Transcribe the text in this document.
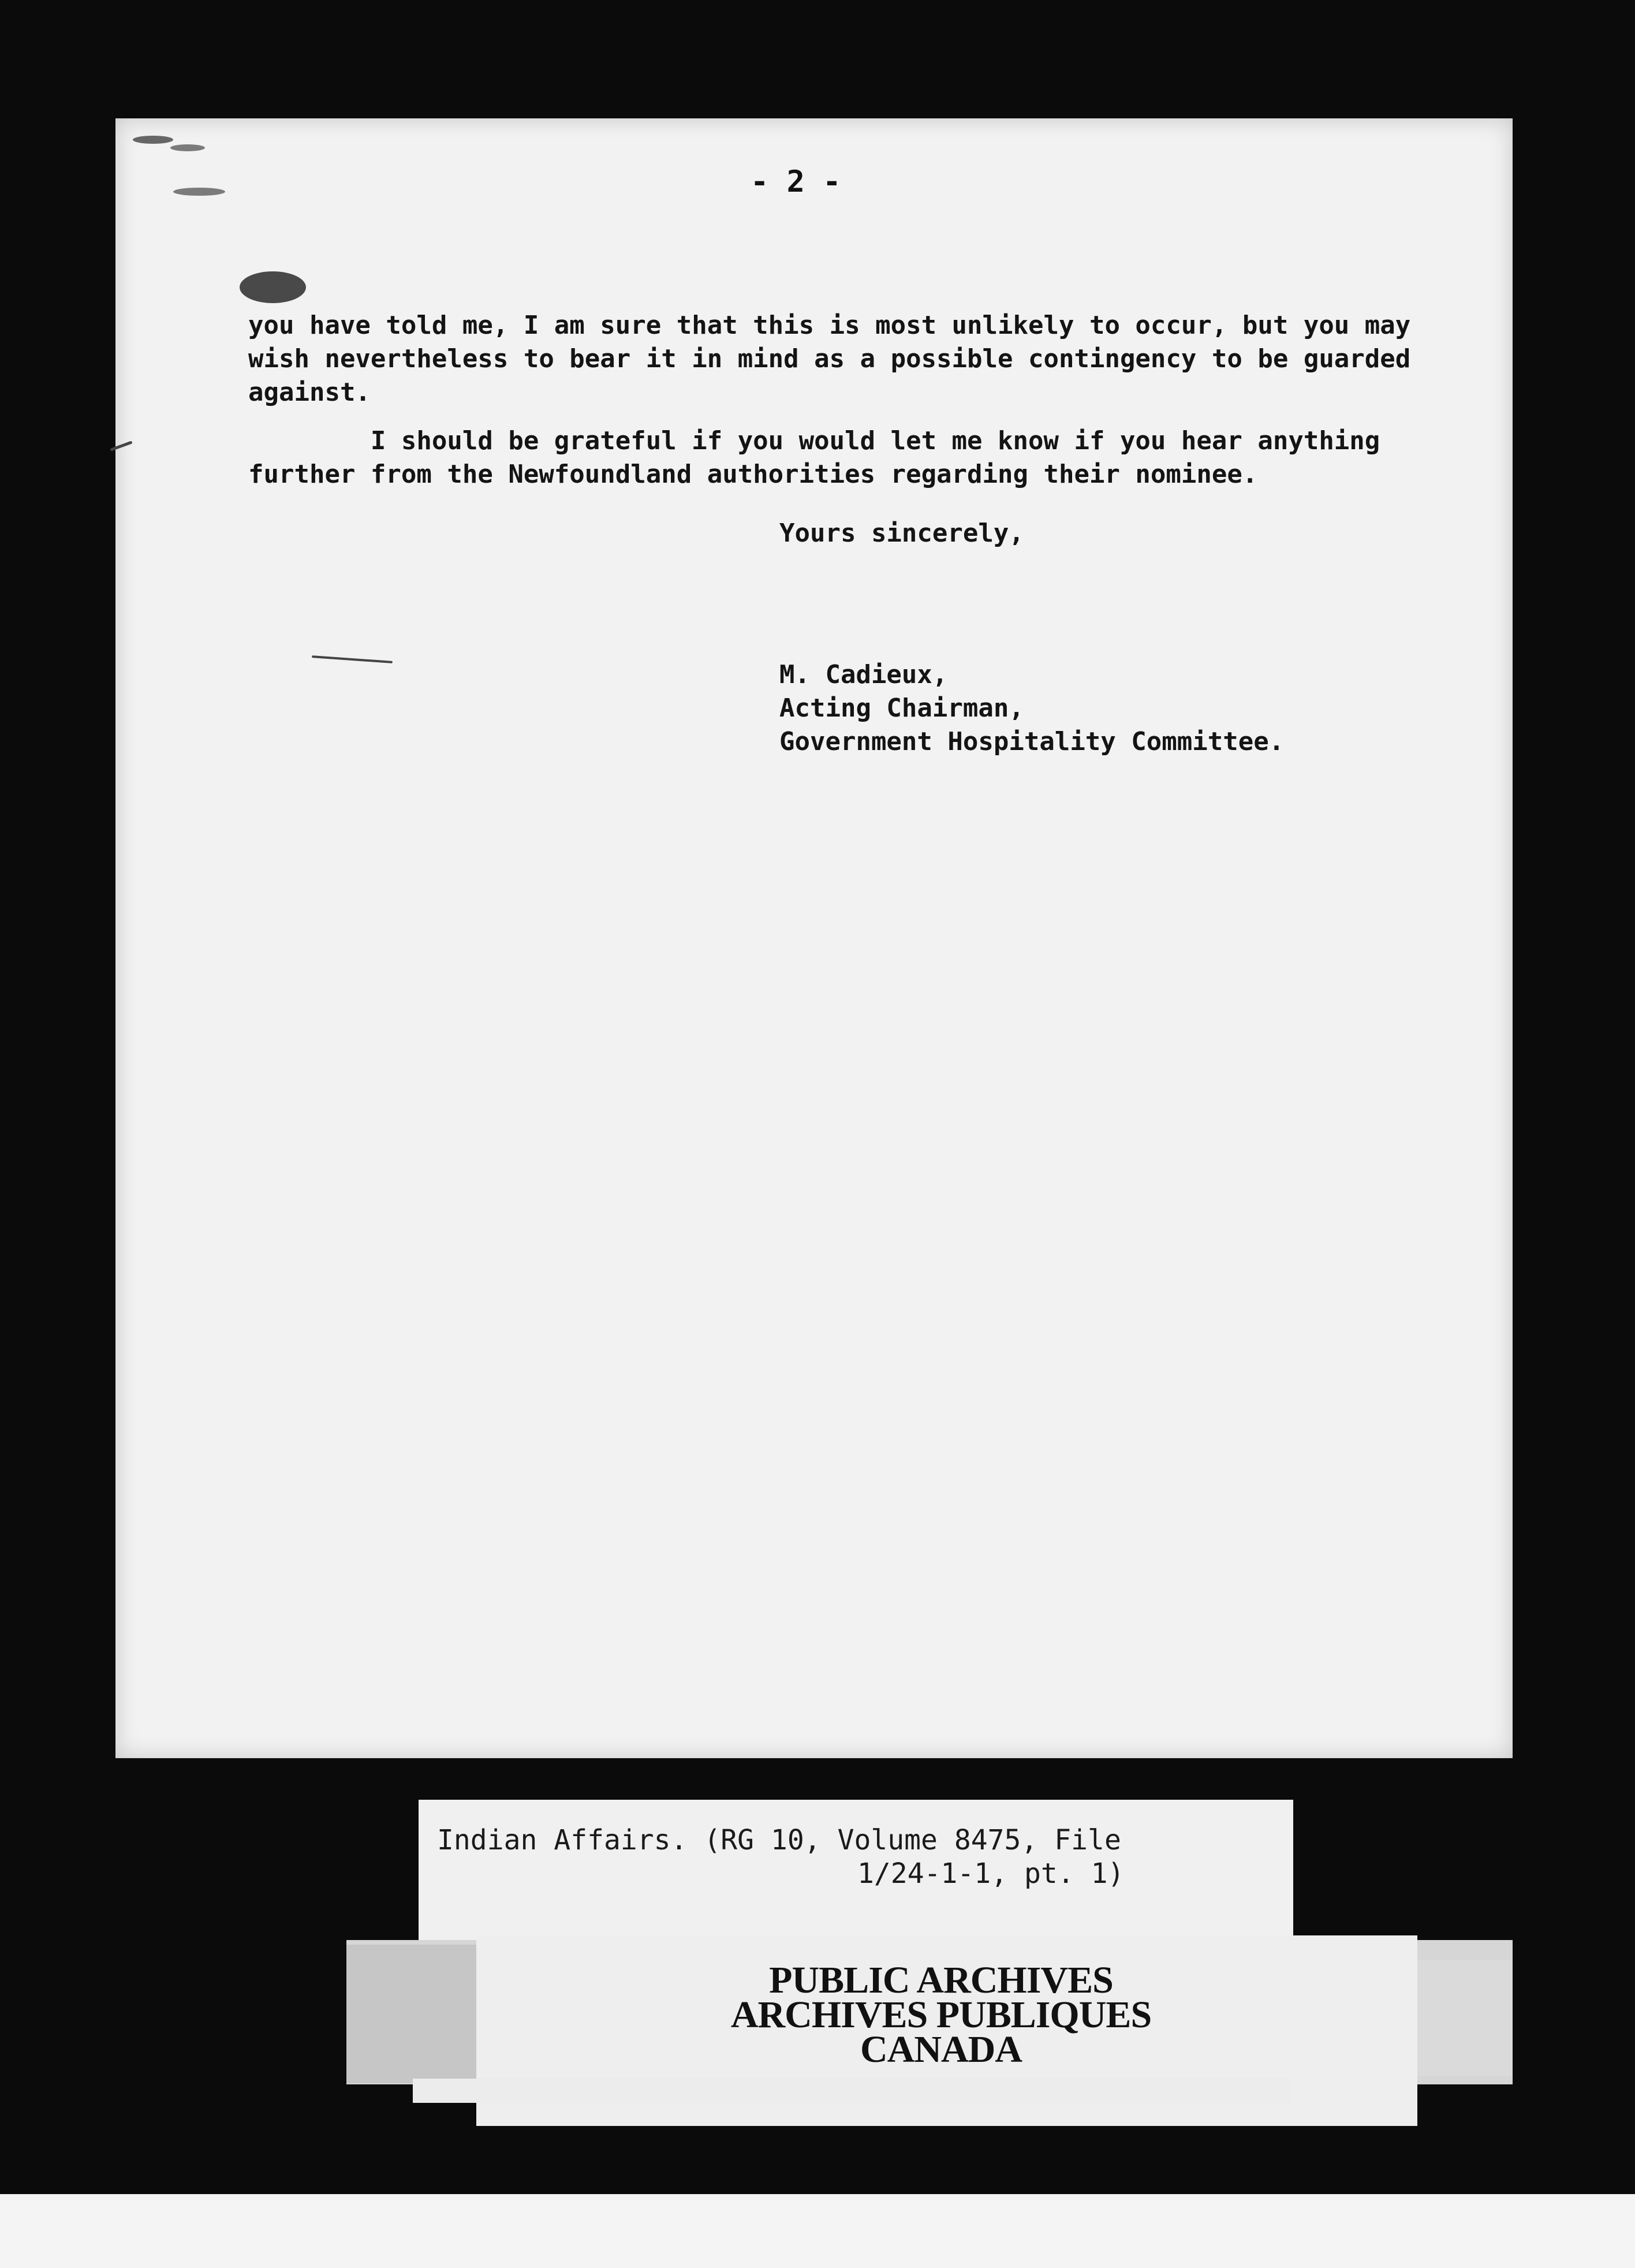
- 2 -
you have told me, I am sure that this is most unlikely to occur, but you may
wish nevertheless to bear it in mind as a possible contingency to be guarded
against.
I should be grateful if you would let me know if you hear anything
further from the Newfoundland authorities regarding their nominee.
Yours sincerely,
M. Cadieux,
Acting Chairman,
Government Hospitality Committee.
Indian Affairs. (RG 10, Volume 8475, File
1/24-1-1, pt. 1)
PUBLIC ARCHIVES
ARCHIVES PUBLIQUES
CANADA
